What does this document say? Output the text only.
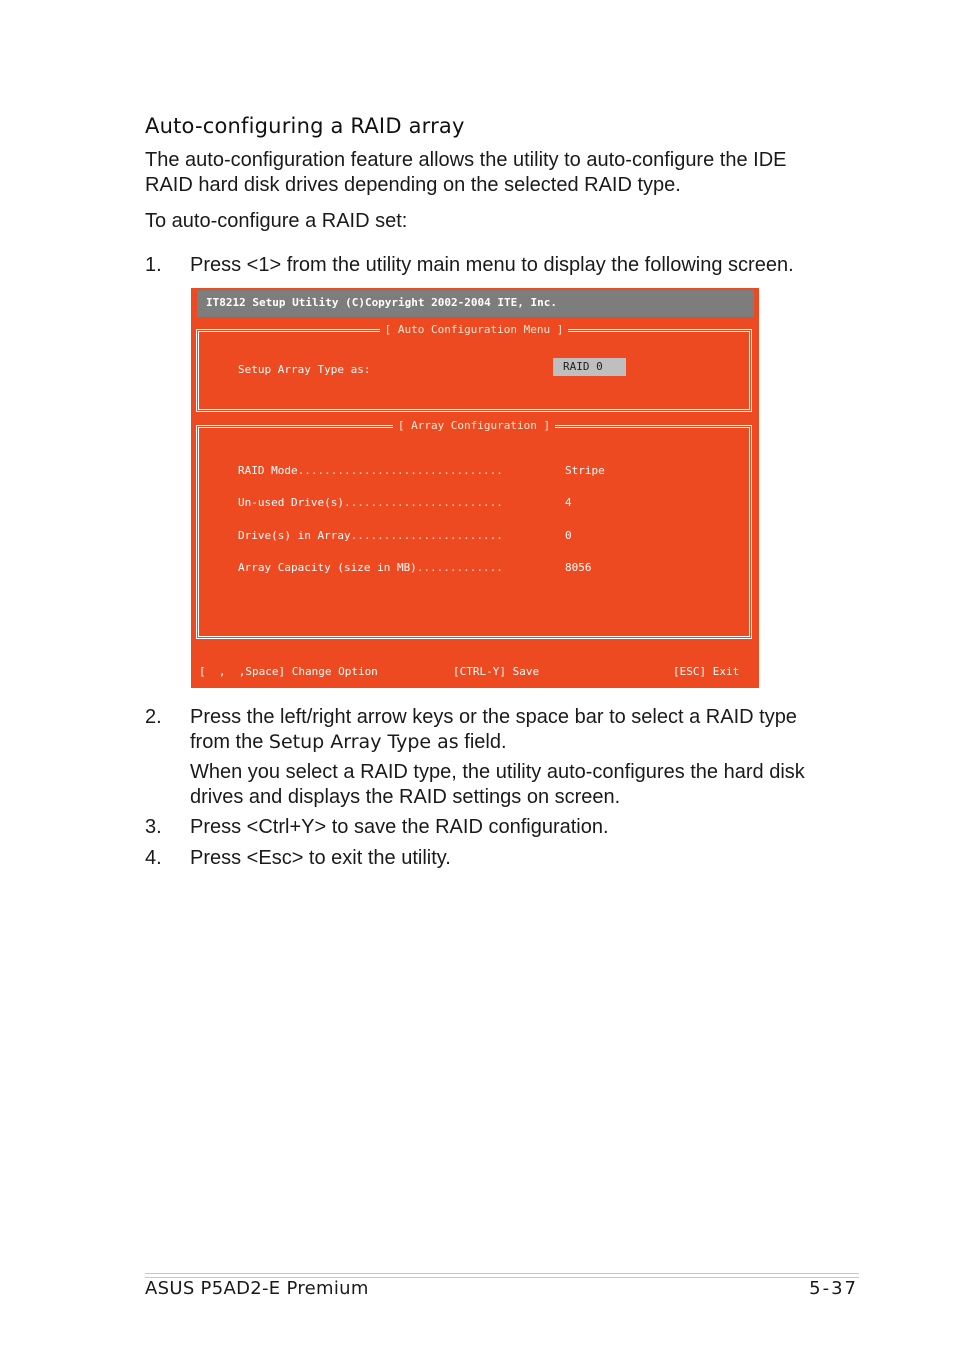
Auto-configuring a RAID array
The auto-configuration feature allows the utility to auto-configure the IDE RAID hard disk drives depending on the selected RAID type.
To auto-configure a RAID set:
1. Press <1> from the utility main menu to display the following screen.
IT8212 Setup Utility (C)Copyright 2002-2004 ITE, Inc.
[ Auto Configuration Menu ]
Setup Array Type as:	RAID 0
[ Array Configuration ]
RAID Mode...............................	Stripe
Un-used Drive(s)........................	4
Drive(s) in Array.......................	0
Array Capacity (size in MB).............	8056
[  ,  ,Space] Change Option	[CTRL-Y] Save	[ESC] Exit
2. Press the left/right arrow keys or the space bar to select a RAID type from the Setup Array Type as field.
When you select a RAID type, the utility auto-configures the hard disk drives and displays the RAID settings on screen.
3. Press <Ctrl+Y> to save the RAID configuration.
4. Press <Esc> to exit the utility.
ASUS P5AD2-E Premium	5-37
